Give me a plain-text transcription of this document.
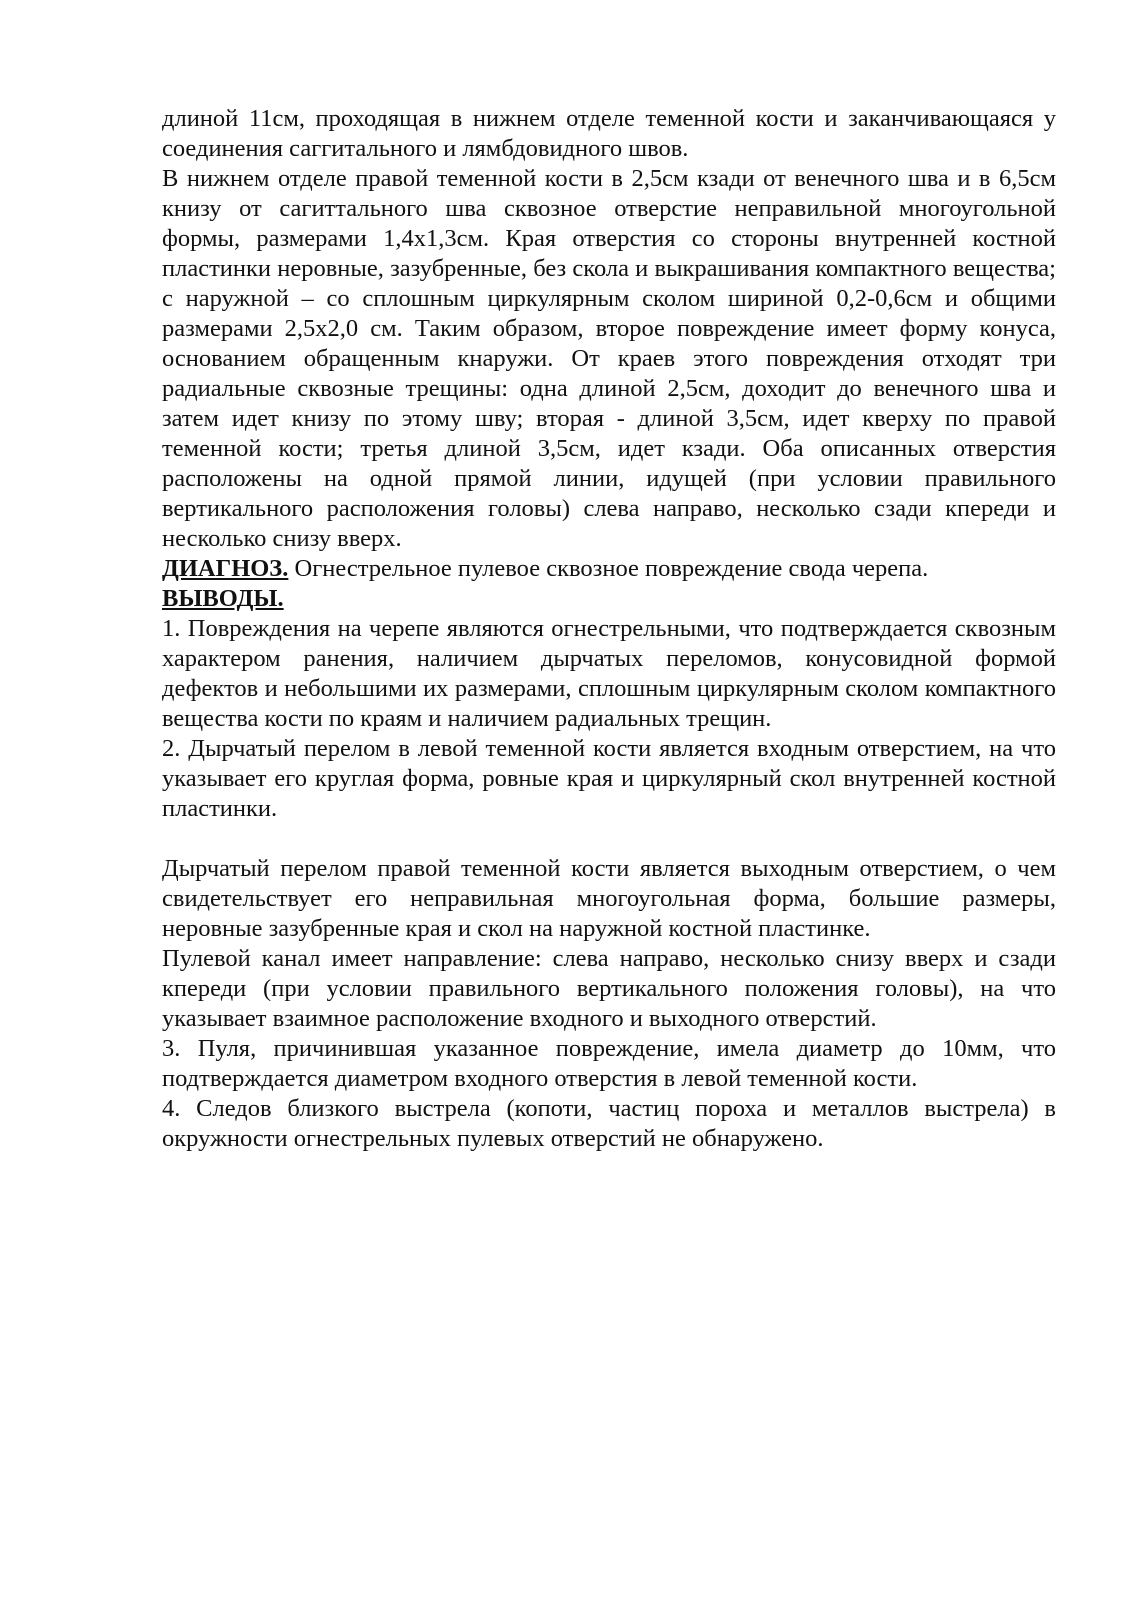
длиной 11см, проходящая в нижнем отделе теменной кости и заканчивающаяся у соединения саггитального и лямбдовидного швов.

В нижнем отделе правой теменной кости в 2,5см кзади от венечного шва и в 6,5см книзу от сагиттального шва сквозное отверстие неправильной многоугольной формы, размерами 1,4х1,3см. Края отверстия со стороны внутренней костной пластинки неровные, зазубренные, без скола и выкрашивания компактного вещества; с наружной – со сплошным циркулярным сколом шириной 0,2-0,6см и общими размерами 2,5х2,0 см. Таким образом, второе повреждение имеет форму конуса, основанием обращенным кнаружи. От краев этого повреждения отходят три радиальные сквозные трещины: одна длиной 2,5см, доходит до венечного шва и затем идет книзу по этому шву; вторая - длиной 3,5см, идет кверху по правой теменной кости; третья длиной 3,5см, идет кзади. Оба описанных отверстия расположены на одной прямой линии, идущей (при условии правильного вертикального расположения головы) слева направо, несколько сзади кпереди и несколько снизу вверх.

ДИАГНОЗ. Огнестрельное пулевое сквозное повреждение свода черепа.

ВЫВОДЫ.

1. Повреждения на черепе являются огнестрельными, что подтверждается сквозным характером ранения, наличием дырчатых переломов, конусовидной формой дефектов и небольшими их размерами, сплошным циркулярным сколом компактного вещества кости по краям и наличием радиальных трещин.

2. Дырчатый перелом в левой теменной кости является входным отверстием, на что указывает его круглая форма, ровные края и циркулярный скол внутренней костной пластинки.

Дырчатый перелом правой теменной кости является выходным отверстием, о чем свидетельствует его неправильная многоугольная форма, большие размеры, неровные зазубренные края и скол на наружной костной пластинке.

Пулевой канал имеет направление: слева направо, несколько снизу вверх и сзади кпереди (при условии правильного вертикального положения головы), на что указывает взаимное расположение входного и выходного отверстий.

3. Пуля, причинившая указанное повреждение, имела диаметр до 10мм, что подтверждается диаметром входного отверстия в левой теменной кости.

4. Следов близкого выстрела (копоти, частиц пороха и металлов выстрела) в окружности огнестрельных пулевых отверстий не обнаружено.
